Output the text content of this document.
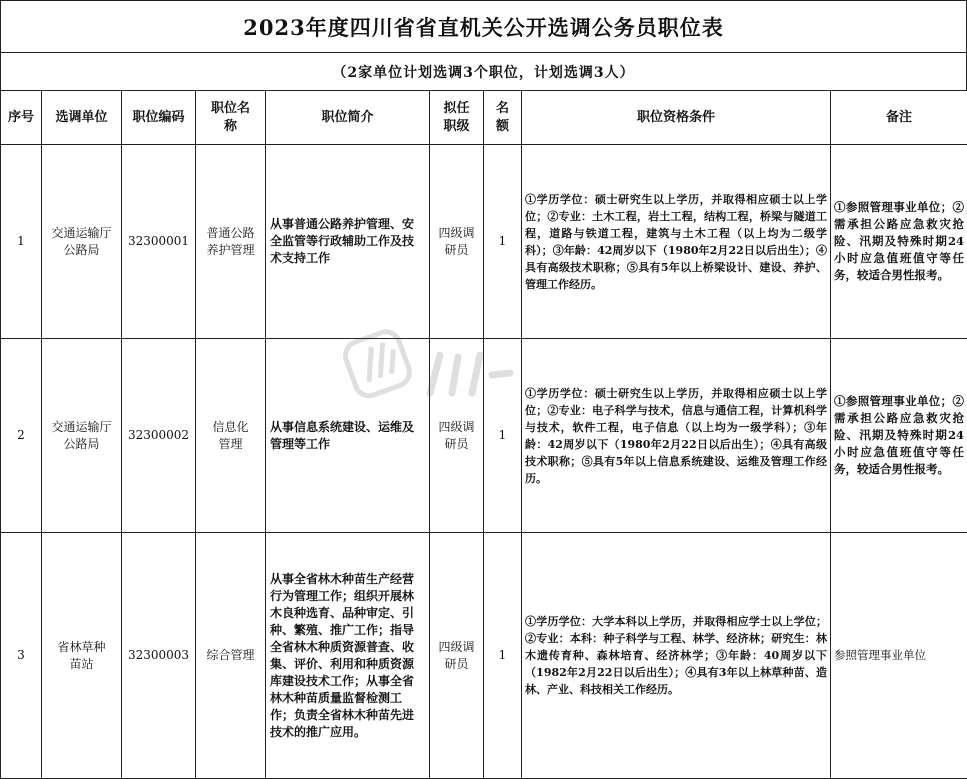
2023年度四川省省直机关公开选调公务员职位表
（2家单位计划选调3个职位，计划选调3人）
序号	选调单位	职位编码	职位名称	职位简介	拟任职级	名额	职位资格条件	备注
1	交通运输厅公路局	32300001	普通公路养护管理	从事普通公路养护管理、安全监管等行政辅助工作及技术支持工作	四级调研员	1	①学历学位：硕士研究生以上学历，并取得相应硕士以上学位；②专业：土木工程，岩土工程，结构工程，桥梁与隧道工程，道路与铁道工程，建筑与土木工程（以上均为二级学科）；③年龄：42周岁以下（1980年2月22日以后出生）；④具有高级技术职称；⑤具有5年以上桥梁设计、建设、养护、管理工作经历。	①参照管理事业单位；②需承担公路应急救灾抢险、汛期及特殊时期24小时应急值班值守等任务，较适合男性报考。
2	交通运输厅公路局	32300002	信息化管理	从事信息系统建设、运维及管理等工作	四级调研员	1	①学历学位：硕士研究生以上学历，并取得相应硕士以上学位；②专业：电子科学与技术，信息与通信工程，计算机科学与技术，软件工程，电子信息（以上均为一级学科）；③年龄：42周岁以下（1980年2月22日以后出生）；④具有高级技术职称；⑤具有5年以上信息系统建设、运维及管理工作经历。	①参照管理事业单位；②需承担公路应急救灾抢险、汛期及特殊时期24小时应急值班值守等任务，较适合男性报考。
3	省林草种苗站	32300003	综合管理	从事全省林木种苗生产经营行为管理工作；组织开展林木良种选育、品种审定、引种、繁殖、推广工作；指导全省林木种质资源普查、收集、评价、利用和种质资源库建设技术工作；从事全省林木种苗质量监督检测工作；负责全省林木种苗先进技术的推广应用。	四级调研员	1	①学历学位：大学本科以上学历，并取得相应学士以上学位；②专业：本科：种子科学与工程、林学、经济林；研究生：林木遗传育种、森林培育、经济林学；③年龄：40周岁以下（1982年2月22日以后出生）；④具有3年以上林草种苗、造林、产业、科技相关工作经历。	参照管理事业单位
